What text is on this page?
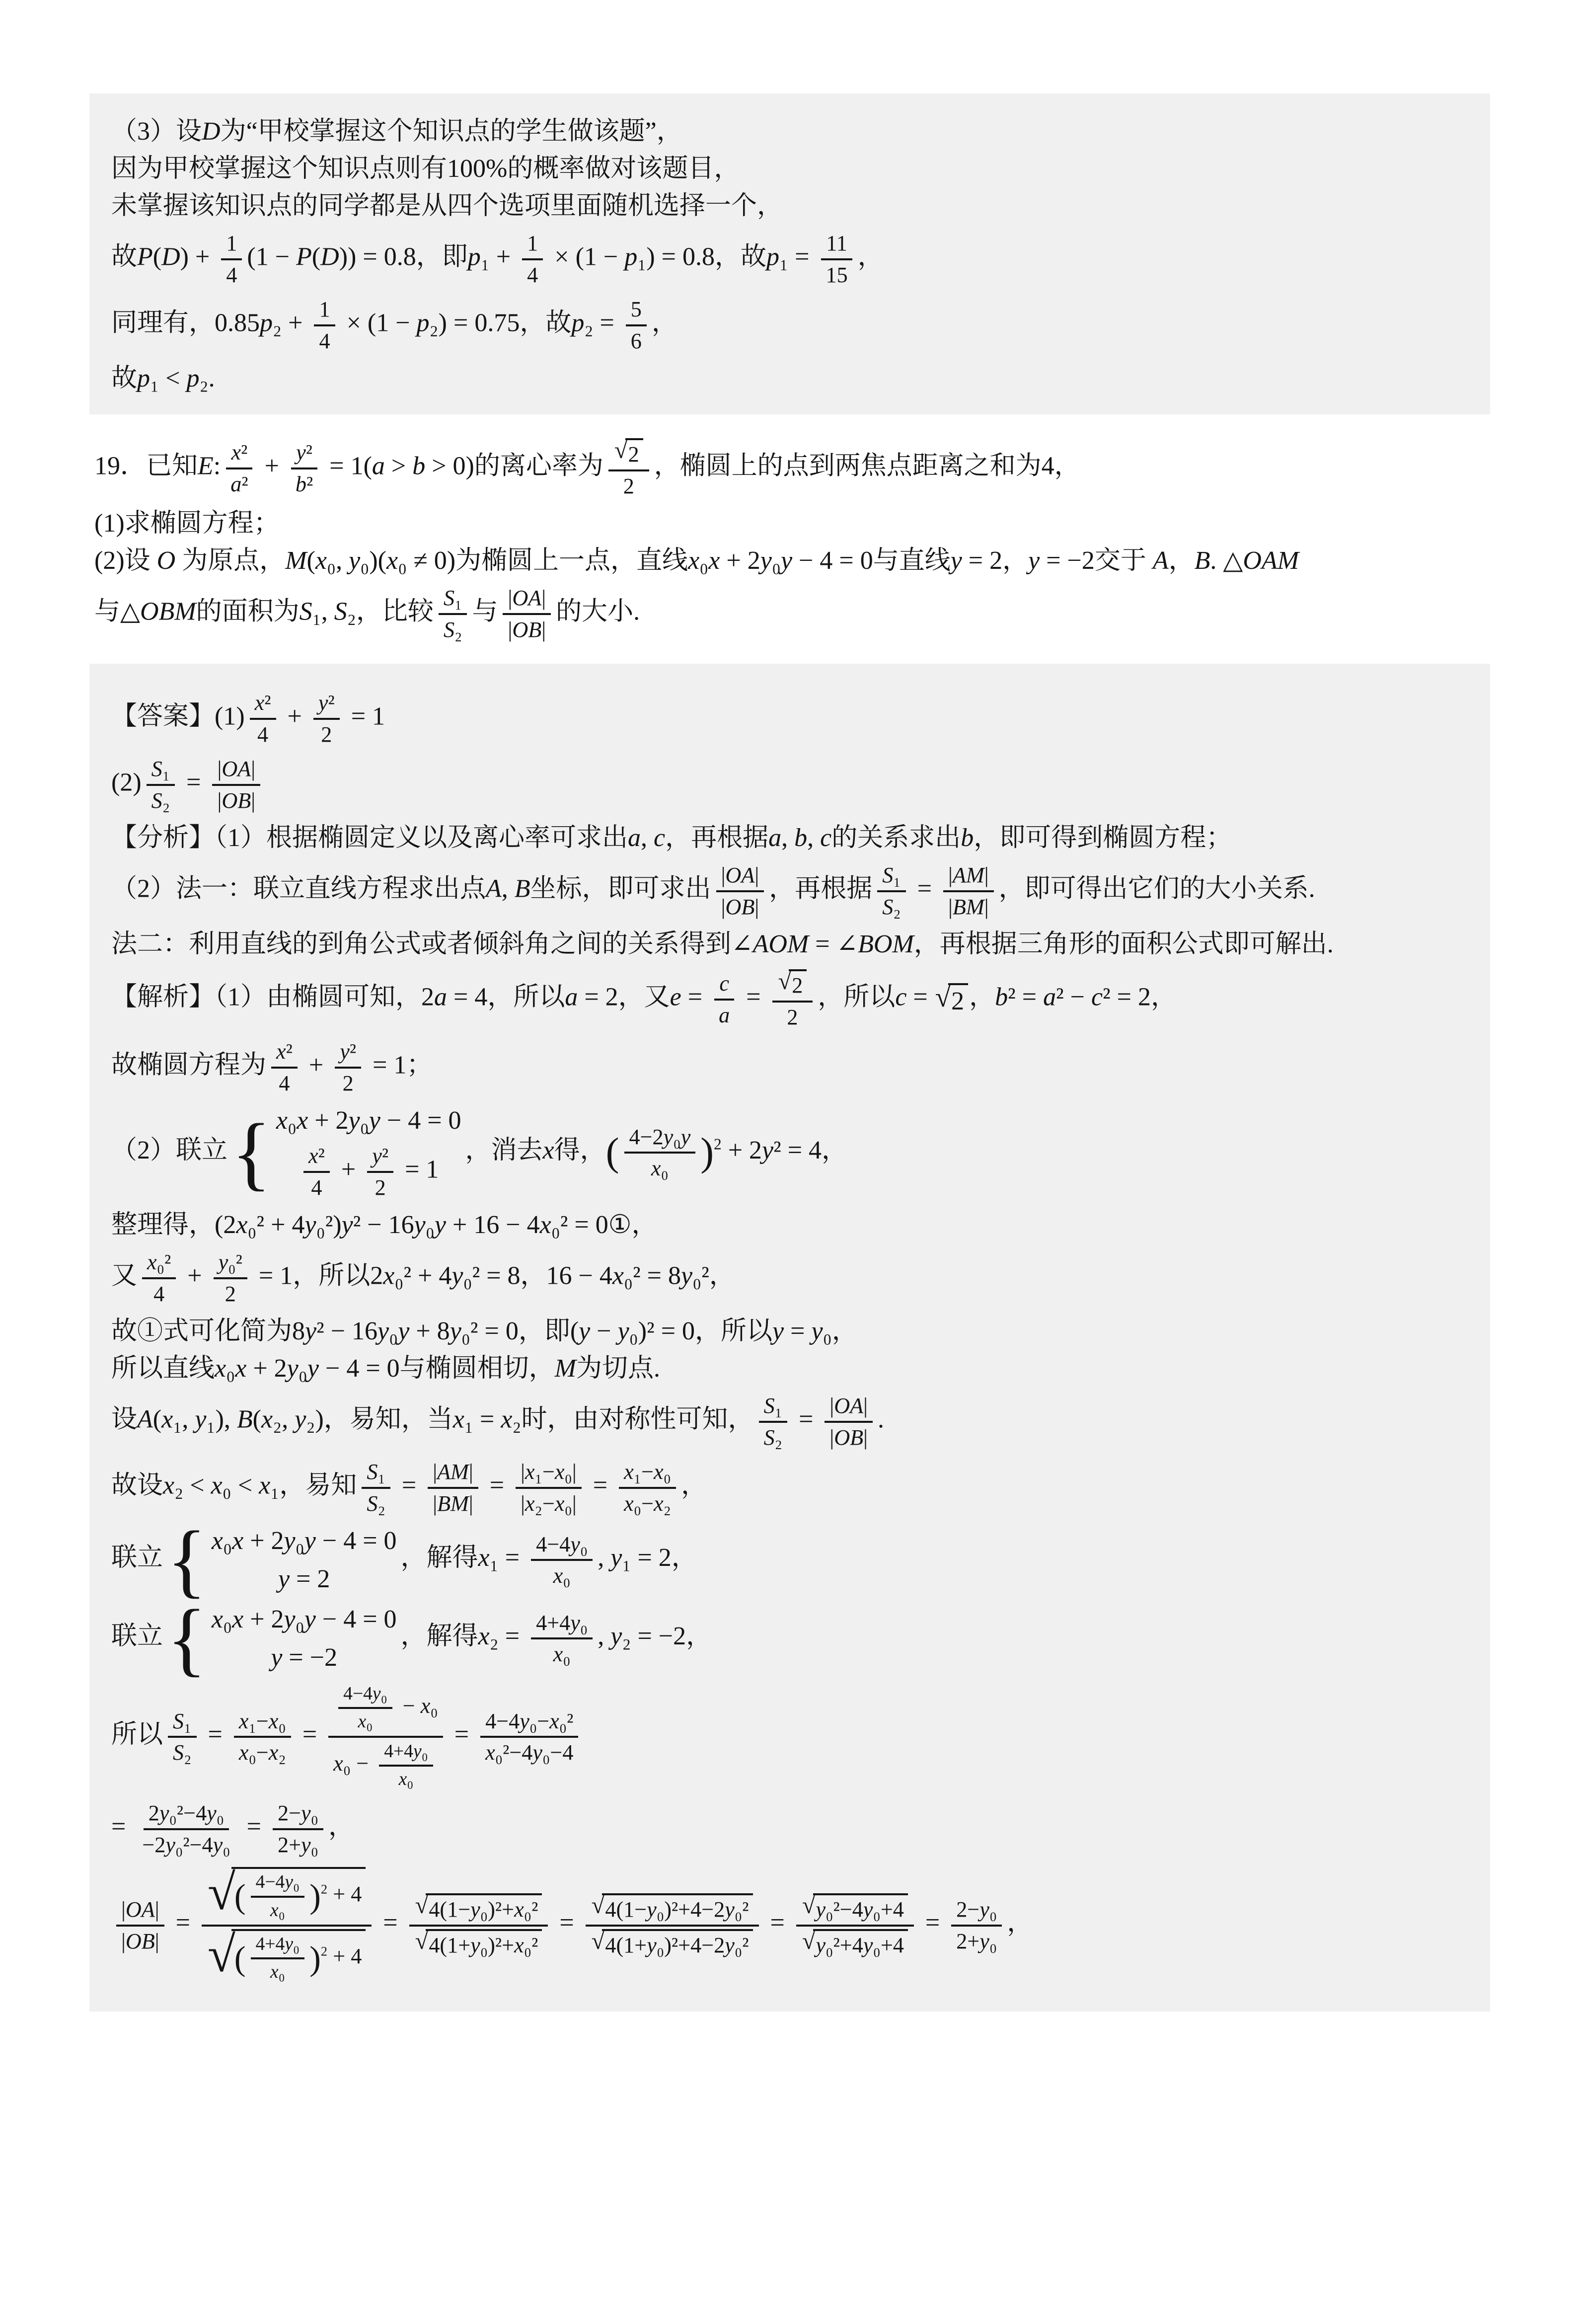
（3）设D为“甲校掌握这个知识点的学生做该题”，
因为甲校掌握这个知识点则有100%的概率做对该题目，
未掌握该知识点的同学都是从四个选项里面随机选择一个，
故$P(D) + \frac{1}{4} (1 - P(D)) = 0.8$，即$p_1 + \frac{1}{4} \times (1 - p_1) = 0.8$，故$p_1 = \frac{11}{15}$ ，
同理有，$0.85p_2 + \frac{1}{4} \times (1 - p_2) = 0.75$，故$p_2 = \frac{5}{6}$ ，
故p₁ < p₂.
19．已知E: $\frac{\text{x²}}{\text{a²}} + \frac{\text{y²}}{\text{b²}} = 1(a > b > 0)$的离心率为 $\frac{√ 2}{2}$ ，椭圆上的点到两焦点距离之和为4，
(1)求椭圆方程；
(2)设 O 为原点，M(x₀, y₀)(x₀ ≠ 0)为椭圆上一点，直线x₀x + 2y₀y − 4 = 0与直线y = 2，y = −2交于 A，B. △OAM
与△OBM的面积为S₁, S₂，比较 $\frac{\text{S₁}}{\text{S₂}}$ 与 $\frac{|OA|}{|OB|}$ 的大小.
【答案】$(1) \frac{\text{x²}}{4} + \frac{\text{y²}}{2} = 1$
$(2) \frac{\text{S₁}}{\text{S₂}} = \frac{|OA|}{|OB|}$
【分析】（1）根据椭圆定义以及离心率可求出a, c，再根据a, b, c的关系求出b，即可得到椭圆方程；
（2）法一：联立直线方程求出点A, B坐标，即可求出 $\frac{|OA|}{|OB|}$ ，再根据 $\frac{\text{S₁}}{\text{S₂}} = \frac{|AM|}{|BM|}$ ，即可得出它们的大小关系.
法二：利用直线的到角公式或者倾斜角之间的关系得到∠AOM = ∠BOM，再根据三角形的面积公式即可解出.
【解析】（1）由椭圆可知，2a = 4，所以a = 2，又$e = \frac{c}{a} = \frac{√ 2}{2}$ ，所以c = √ 2 ，b² = a² − c² = 2，
故椭圆方程为 $\frac{\text{x²}}{4} + \frac{\text{y²}}{2} = 1$；
（2）联立 { x₀x + 2y₀y − 4 = 0
$\frac{\text{x²}}{4} + \frac{\text{y²}}{2} = 1$
，消去x得，( $\frac{\text{4−2y₀y}}{\text{x₀}} )^2 + 2y^2 = 4$，
整理得，(2x₀² + 4y₀²)y² − 16y₀y + 16 − 4x₀² = 0①，
又 $\frac{\text{x₀²}}{4} + \frac{\text{y₀²}}{2} = 1$，所以2x₀² + 4y₀² = 8，16 − 4x₀² = 8y₀²，
故①式可化简为8y² − 16y₀y + 8y₀² = 0，即(y − y₀)² = 0，所以y = y₀，
所以直线x₀x + 2y₀y − 4 = 0与椭圆相切，M为切点.
设A(x₁, y₁), B(x₂, y₂)，易知，当x₁ = x₂时，由对称性可知， $\frac{\text{S₁}}{\text{S₂}} = \frac{|OA|}{|OB|}$ .
故设x₂ < x₀ < x₁，易知 $\frac{\text{S₁}}{\text{S₂}} = \frac{|AM|}{|BM|} = \frac{\text{|x₁−x₀|}}{\text{|x₂−x₀|}} = \frac{\text{x₁−x₀}}{\text{x₀−x₂}}$ ，
联立 { x₀x + 2y₀y − 4 = 0
y = 2
，解得$x_1 = \frac{\text{4−4y₀}}{\text{x₀}}$ , y₁ = 2，
联立 { x₀x + 2y₀y − 4 = 0
y = −2
，解得$x_2 = \frac{\text{4+4y₀}}{\text{x₀}}$ , y₂ = −2，
所以 $\frac{\text{S₁}}{\text{S₂}} = \frac{\text{x₁−x₀}}{\text{x₀−x₂}} = \frac{\frac{\text{4−4y₀}}{\text{x₀}} - x_0}{x_0 - \frac{\text{4+4y₀}}{\text{x₀}}} = \frac{\text{4−4y₀−x₀²}}{\text{x₀²−4y₀−4}}$
= $\frac{\text{2y₀²−4y₀}}{\text{−2y₀²−4y₀}} = \frac{\text{2−y₀}}{\text{2+y₀}}$ ，
$\frac{|OA|}{|OB|}$ = √
( $\frac{\text{4−4y₀}}{\text{x₀}} )^2 + 4$
√
( $\frac{\text{4+4y₀}}{\text{x₀}} )^2 + 4 = \frac{\text{√ 4(1−y₀)²+x₀²}}{\text{√ 4(1+y₀)²+x₀²}} = \frac{\text{√ 4(1−y₀)²+4−2y₀²}}{\text{√ 4(1+y₀)²+4−2y₀²}} = \frac{\text{√ y₀²−4y₀+4}}{\text{√ y₀²+4y₀+4}} = \frac{\text{2−y₀}}{\text{2+y₀}}$ ，
